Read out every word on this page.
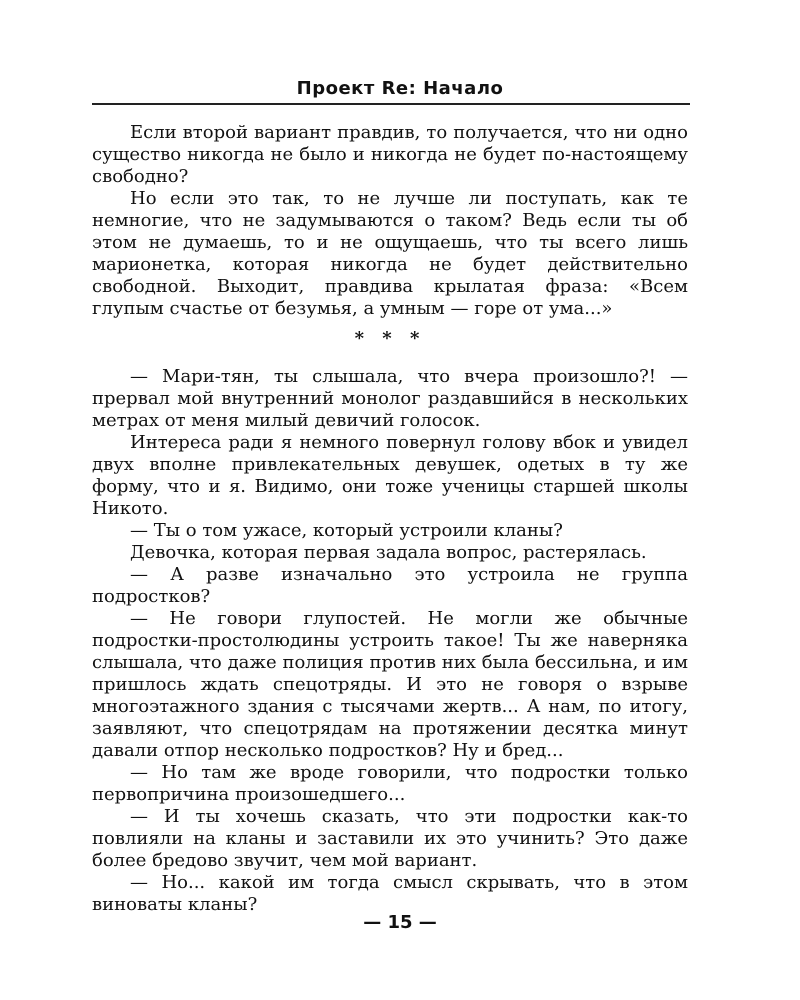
Проект Re: Начало

Если второй вариант правдив, то получается, что ни одно существо никогда не было и никогда не будет по-настоящему свободно?

Но если это так, то не лучше ли поступать, как те немногие, что не задумываются о таком? Ведь если ты об этом не думаешь, то и не ощущаешь, что ты всего лишь марионетка, которая никогда не будет действительно свободной. Выходит, правдива крылатая фраза: «Всем глупым счастье от безумья, а умным — горе от ума...»

* * *

— Мари-тян, ты слышала, что вчера произошло?! — прервал мой внутренний монолог раздавшийся в нескольких метрах от меня милый девичий голосок.

Интереса ради я немного повернул голову вбок и увидел двух вполне привлекательных девушек, одетых в ту же форму, что и я. Видимо, они тоже ученицы старшей школы Никото.

— Ты о том ужасе, который устроили кланы?

Девочка, которая первая задала вопрос, растерялась.

— А разве изначально это устроила не группа подростков?

— Не говори глупостей. Не могли же обычные подростки-простолюдины устроить такое! Ты же наверняка слышала, что даже полиция против них была бессильна, и им пришлось ждать спецотряды. И это не говоря о взрыве многоэтажного здания с тысячами жертв... А нам, по итогу, заявляют, что спецотрядам на протяжении десятка минут давали отпор несколько подростков? Ну и бред...

— Но там же вроде говорили, что подростки только первопричина произошедшего...

— И ты хочешь сказать, что эти подростки как-то повлияли на кланы и заставили их это учинить? Это даже более бредово звучит, чем мой вариант.

— Но... какой им тогда смысл скрывать, что в этом виноваты кланы?

— 15 —
